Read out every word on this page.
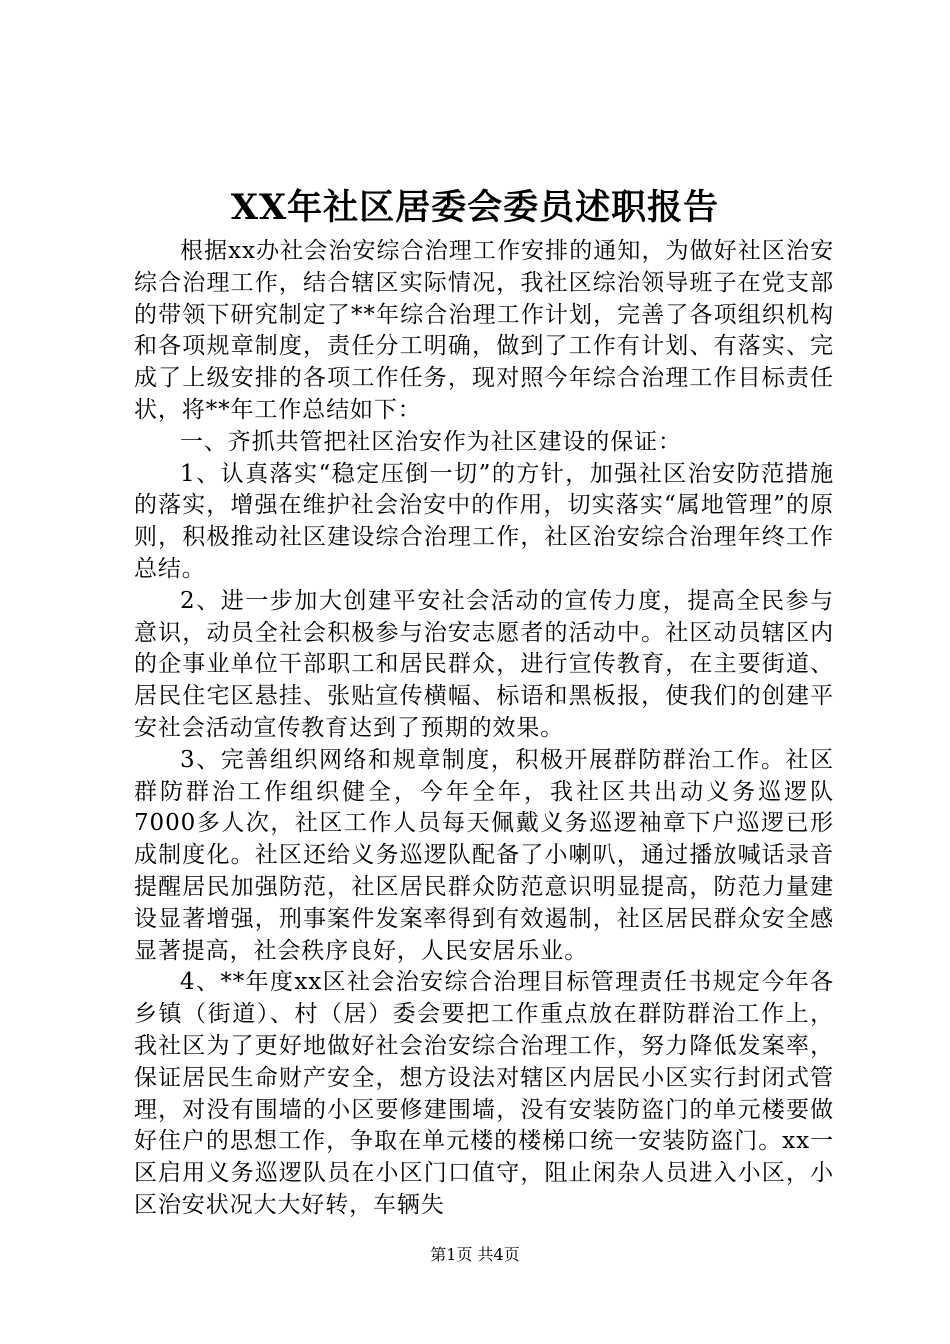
XX年社区居委会委员述职报告

根据xx办社会治安综合治理工作安排的通知，为做好社区治安综合治理工作，结合辖区实际情况，我社区综治领导班子在党支部的带领下研究制定了**年综合治理工作计划，完善了各项组织机构和各项规章制度，责任分工明确，做到了工作有计划、有落实、完成了上级安排的各项工作任务，现对照今年综合治理工作目标责任状，将**年工作总结如下：

一、齐抓共管把社区治安作为社区建设的保证：

1、认真落实“稳定压倒一切”的方针，加强社区治安防范措施的落实，增强在维护社会治安中的作用，切实落实“属地管理”的原则，积极推动社区建设综合治理工作，社区治安综合治理年终工作总结。

2、进一步加大创建平安社会活动的宣传力度，提高全民参与意识，动员全社会积极参与治安志愿者的活动中。社区动员辖区内的企事业单位干部职工和居民群众，进行宣传教育，在主要街道、居民住宅区悬挂、张贴宣传横幅、标语和黑板报，使我们的创建平安社会活动宣传教育达到了预期的效果。

3、完善组织网络和规章制度，积极开展群防群治工作。社区群防群治工作组织健全，今年全年，我社区共出动义务巡逻队7000多人次，社区工作人员每天佩戴义务巡逻袖章下户巡逻已形成制度化。社区还给义务巡逻队配备了小喇叭，通过播放喊话录音提醒居民加强防范，社区居民群众防范意识明显提高，防范力量建设显著增强，刑事案件发案率得到有效遏制，社区居民群众安全感显著提高，社会秩序良好，人民安居乐业。

4、**年度xx区社会治安综合治理目标管理责任书规定今年各乡镇（街道）、村（居）委会要把工作重点放在群防群治工作上，我社区为了更好地做好社会治安综合治理工作，努力降低发案率，保证居民生命财产安全，想方设法对辖区内居民小区实行封闭式管理，对没有围墙的小区要修建围墙，没有安装防盗门的单元楼要做好住户的思想工作，争取在单元楼的楼梯口统一安装防盗门。xx一区启用义务巡逻队员在小区门口值守，阻止闲杂人员进入小区，小区治安状况大大好转，车辆失

第1页 共4页
